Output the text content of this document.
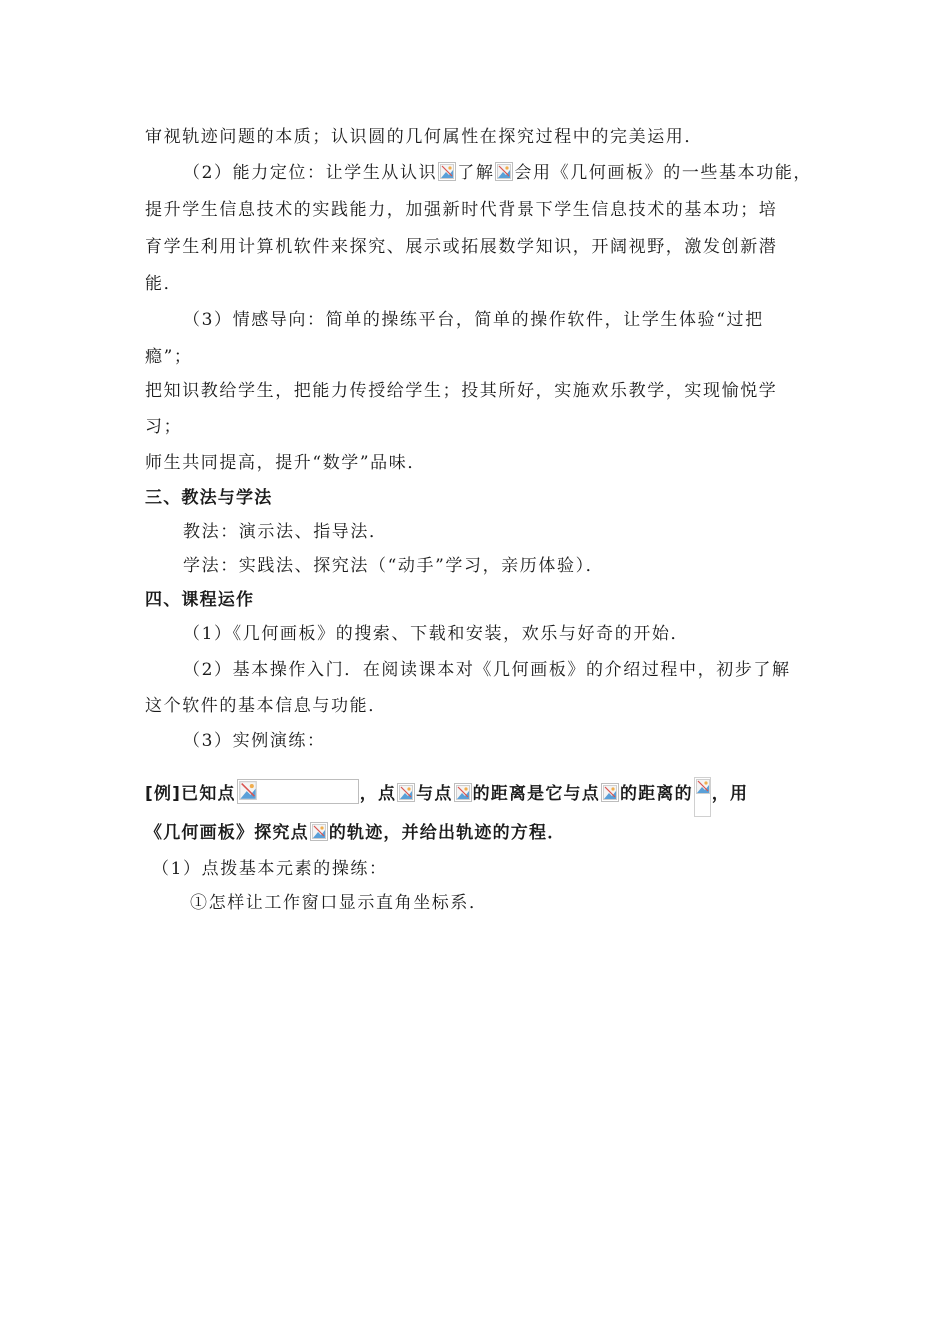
审视轨迹问题的本质；认识圆的几何属性在探究过程中的完美运用．
（2）能力定位：让学生从认识 了解 会用《几何画板》的一些基本功能，
提升学生信息技术的实践能力，加强新时代背景下学生信息技术的基本功；培
育学生利用计算机软件来探究、展示或拓展数学知识，开阔视野，激发创新潜
能．
（3）情感导向：简单的操练平台，简单的操作软件，让学生体验“过把
瘾”；
把知识教给学生，把能力传授给学生；投其所好，实施欢乐教学，实现愉悦学
习；
师生共同提高，提升“数学”品味．
三、教法与学法
教法：演示法、指导法．
学法：实践法、探究法（“动手”学习，亲历体验）．
四、课程运作
（1）《几何画板》的搜索、下载和安装，欢乐与好奇的开始．
（2）基本操作入门．在阅读课本对《几何画板》的介绍过程中，初步了解
这个软件的基本信息与功能．
（3）实例演练：
[例]已知点	，点 与点 的距离是它与点 的距离的 ，用
《几何画板》探究点 的轨迹，并给出轨迹的方程．
（1）点拨基本元素的操练：
①怎样让工作窗口显示直角坐标系．
